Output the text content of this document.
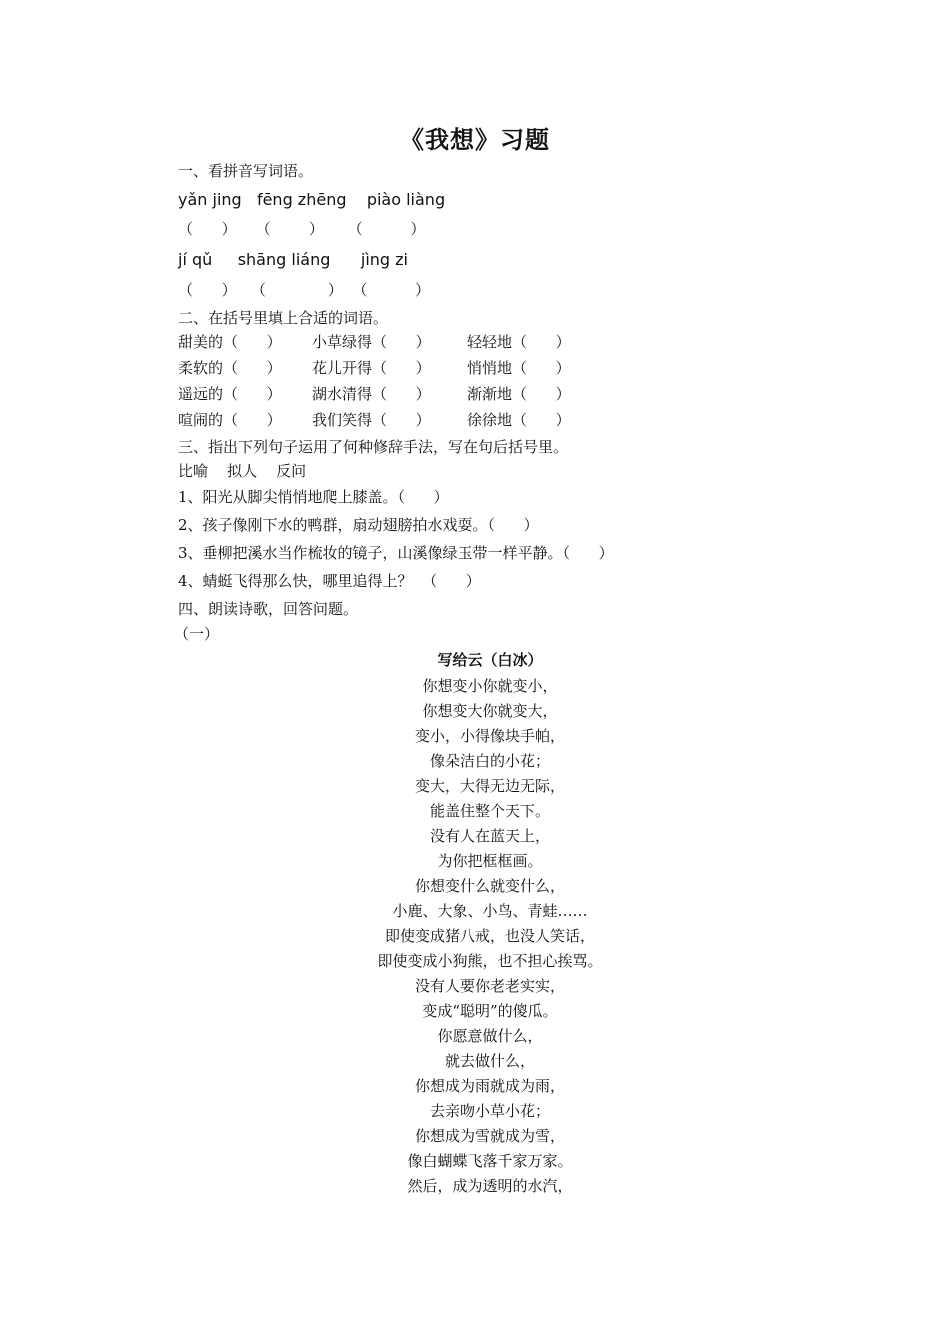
《我想》习题
一、看拼音写词语。
yǎn jing   fēng zhēng    piào liàng
（      ）    （        ）     （          ）
jí qǔ     shāng liáng      jìng zi
（      ）   （             ）  （          ）
二、在括号里填上合适的词语。
甜美的（      ） 小草绿得（      ） 轻轻地（      ）
柔软的（      ） 花儿开得（      ） 悄悄地（      ）
遥远的（      ） 湖水清得（      ） 渐渐地（      ）
喧闹的（      ） 我们笑得（      ） 徐徐地（      ）
三、指出下列句子运用了何种修辞手法，写在句后括号里。
比喻    拟人    反问
1、阳光从脚尖悄悄地爬上膝盖。（      ）
2、孩子像刚下水的鸭群，扇动翅膀拍水戏耍。（      ）
3、垂柳把溪水当作梳妆的镜子，山溪像绿玉带一样平静。（      ）
4、蜻蜓飞得那么快，哪里追得上？  （      ）
四、朗读诗歌，回答问题。
（一）
写给云（白冰）
你想变小你就变小，
你想变大你就变大，
变小，小得像块手帕，
像朵洁白的小花；
变大，大得无边无际，
能盖住整个天下。
没有人在蓝天上，
为你把框框画。
你想变什么就变什么，
小鹿、大象、小鸟、青蛙……
即使变成猪八戒，也没人笑话，
即使变成小狗熊，也不担心挨骂。
没有人要你老老实实，
变成“聪明”的傻瓜。
你愿意做什么，
就去做什么，
你想成为雨就成为雨，
去亲吻小草小花；
你想成为雪就成为雪，
像白蝴蝶飞落千家万家。
然后，成为透明的水汽，
